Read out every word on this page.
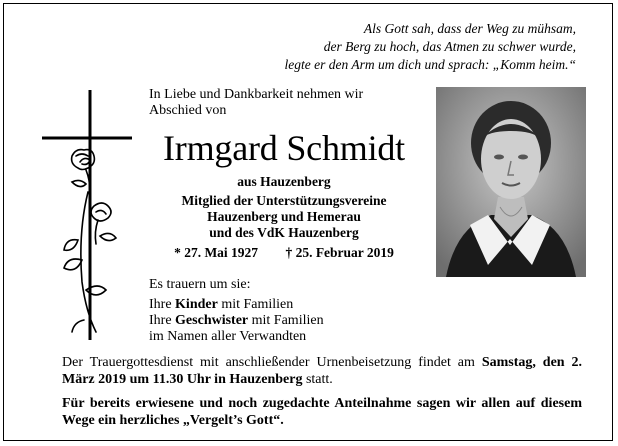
Als Gott sah, dass der Weg zu mühsam,
der Berg zu hoch, das Atmen zu schwer wurde,
legte er den Arm um dich und sprach: „Komm heim.“
In Liebe und Dankbarkeit nehmen wir
Abschied von
Irmgard Schmidt
aus Hauzenberg
Mitglied der Unterstützungsvereine
Hauzenberg und Hemerau
und des VdK Hauzenberg
* 27. Mai 1927 † 25. Februar 2019
Es trauern um sie:
Ihre Kinder mit Familien
Ihre Geschwister mit Familien
im Namen aller Verwandten
Der Trauergottesdienst mit anschließender Urnenbeisetzung findet am Samstag, den 2. März 2019 um 11.30 Uhr in Hauzenberg statt.
Für bereits erwiesene und noch zugedachte Anteilnahme sagen wir allen auf diesem Wege ein herzliches „Vergelt’s Gott“.
